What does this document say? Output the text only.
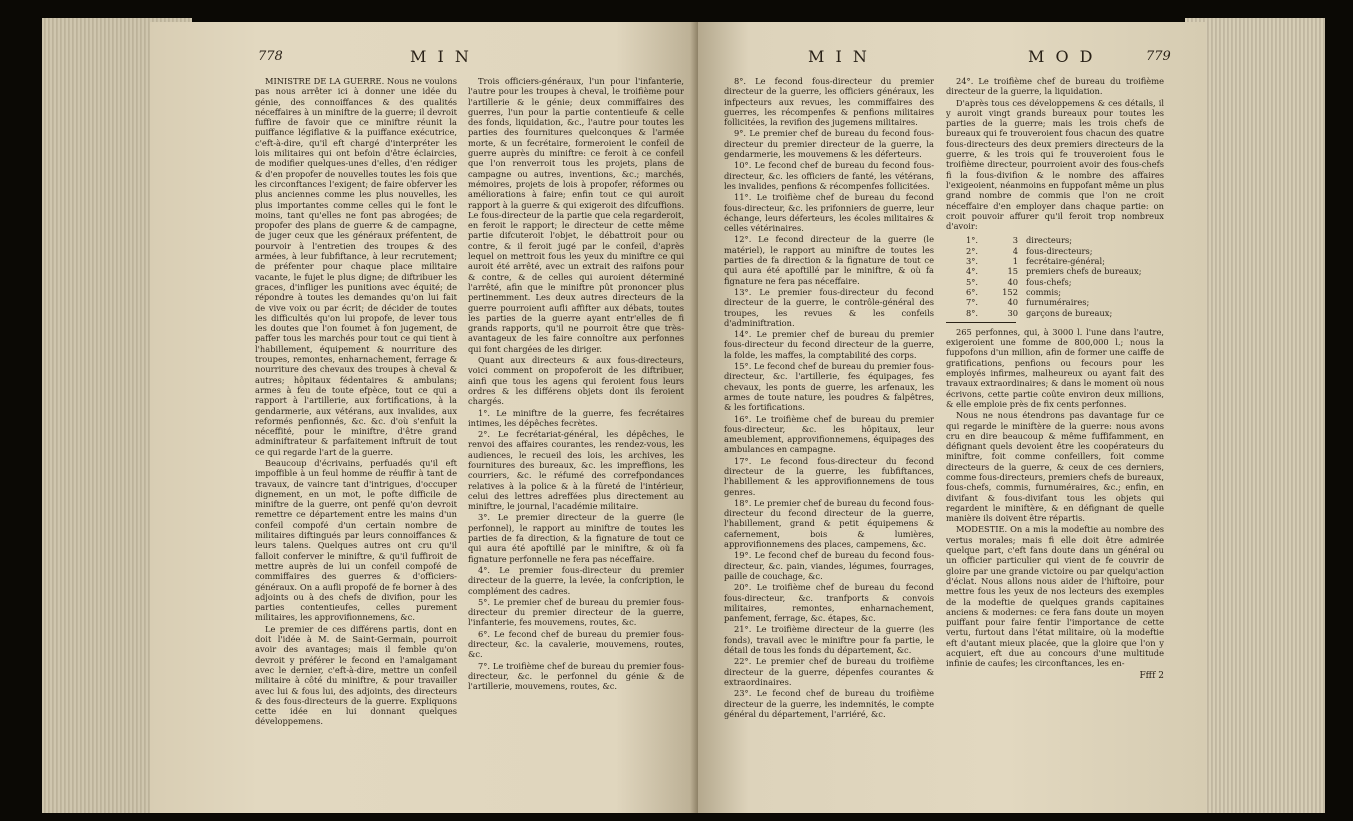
778	M I N

MINISTRE DE LA GUERRE. Nous ne voulons pas nous arrêter ici à donner une idée du génie, des connoiffances & des qualités néceffaires à un miniftre de la guerre; il devroit fuffire de favoir que ce miniftre réunit la puiffance légiflative & la puiffance exécutrice, c'eft-à-dire, qu'il eft chargé d'interpréter les lois militaires qui ont befoin d'être éclaircies, de modifier quelques-unes d'elles, d'en rédiger & d'en propofer de nouvelles toutes les fois que les circonftances l'exigent; de faire obferver les plus anciennes comme les plus nouvelles, les plus importantes comme celles qui le font le moins, tant qu'elles ne font pas abrogées; de propofer des plans de guerre & de campagne, de juger ceux que les généraux préfentent, de pourvoir à l'entretien des troupes & des armées, à leur fubfiftance, à leur recrutement; de préfenter pour chaque place militaire vacante, le fujet le plus digne; de diftribuer les graces, d'infliger les punitions avec équité; de répondre à toutes les demandes qu'on lui fait de vive voix ou par écrit; de décider de toutes les difficultés qu'on lui propofe, de lever tous les doutes que l'on foumet à fon jugement, de paffer tous les marchés pour tout ce qui tient à l'habillement, équipement & nourriture des troupes, remontes, enharnachement, ferrage & nourriture des chevaux des troupes à cheval & autres; hôpitaux fédentaires & ambulans; armes à feu de toute efpèce, tout ce qui a rapport à l'artillerie, aux fortifications, à la gendarmerie, aux vétérans, aux invalides, aux reformés penfionnés, &c. &c. d'où s'enfuit la néceffité, pour le miniftre, d'être grand adminiftrateur & parfaitement inftruit de tout ce qui regarde l'art de la guerre.

Beaucoup d'écrivains, perfuadés qu'il eft impoffible à un feul homme de réuffir à tant de travaux, de vaincre tant d'intrigues, d'occuper dignement, en un mot, le pofte difficile de miniftre de la guerre, ont penfé qu'on devroit remettre ce département entre les mains d'un confeil compofé d'un certain nombre de militaires diftingués par leurs connoiffances & leurs talens. Quelques autres ont cru qu'il falloit conferver le miniftre, & qu'il fuffiroit de mettre auprès de lui un confeil compofé de commiffaires des guerres & d'officiers-généraux. On a aufli propofé de fe borner à des adjoints ou à des chefs de divifion, pour les parties contentieufes, celles purement militaires, les approvifionnemens, &c.

Le premier de ces différens partis, dont en doit l'idée à M. de Saint-Germain, pourroit avoir des avantages; mais il femble qu'on devroit y préférer le fecond en l'amalgamant avec le dernier, c'eft-à-dire, mettre un confeil militaire à côté du miniftre, & pour travailler avec lui & fous lui, des adjoints, des directeurs & des fous-directeurs de la guerre. Expliquons cette idée en lui donnant quelques développemens.

Trois officiers-généraux, l'un pour l'infanterie, l'autre pour les troupes à cheval, le troifième pour l'artillerie & le génie; deux commiffaires des guerres, l'un pour la partie contentieufe & celle des fonds, liquidation, &c., l'autre pour toutes les parties des fournitures quelconques & l'armée morte, & un fecrétaire, formeroient le confeil de guerre auprès du miniftre: ce feroit à ce confeil que l'on renverroit tous les projets, plans de campagne ou autres, inventions, &c.; marchés, mémoires, projets de lois à propofer, réformes ou améliorations à faire; enfin tout ce qui auroit rapport à la guerre & qui exigeroit des difcuffions. Le fous-directeur de la partie que cela regarderoit, en feroit le rapport; le directeur de cette même partie difcuteroit l'objet, le débattroit pour ou contre, & il feroit jugé par le confeil, d'après lequel on mettroit fous les yeux du miniftre ce qui auroit été arrêté, avec un extrait des raifons pour & contre, & de celles qui auroient déterminé l'arrêté, afin que le miniftre pût prononcer plus pertinemment. Les deux autres directeurs de la guerre pourroient aufli affifter aux débats, toutes les parties de la guerre ayant entr'elles de fi grands rapports, qu'il ne pourroit être que très-avantageux de les faire connoître aux perfonnes qui font chargées de les diriger.

Quant aux directeurs & aux fous-directeurs, voici comment on propoferoit de les diftribuer, ainfi que tous les agens qui feroient fous leurs ordres & les différens objets dont ils feroient chargés.

1°. Le miniftre de la guerre, fes fecrétaires intimes, les dépêches fecrètes.

2°. Le fecrétariat-général, les dépêches, le renvoi des affaires courantes, les rendez-vous, les audiences, le recueil des lois, les archives, les fournitures des bureaux, &c. les impreffions, les courriers, &c. le réfumé des correfpondances relatives à la police & à la fûreté de l'intérieur, celui des lettres adreffées plus directement au miniftre, le journal, l'académie militaire.

3°. Le premier directeur de la guerre (le perfonnel), le rapport au miniftre de toutes les parties de fa direction, & la fignature de tout ce qui aura été apoftillé par le miniftre, & où fa fignature perfonnelle ne fera pas néceffaire.

4°. Le premier fous-directeur du premier directeur de la guerre, la levée, la confcription, le complément des cadres.

5°. Le premier chef de bureau du premier fous-directeur du premier directeur de la guerre, l'infanterie, fes mouvemens, routes, &c.

6°. Le fecond chef de bureau du premier fous-directeur, &c. la cavalerie, mouvemens, routes, &c.

7°. Le troifième chef de bureau du premier fous-directeur, &c. le perfonnel du génie & de l'artillerie, mouvemens, routes, &c.

M I N	M O D	779

8°. Le fecond fous-directeur du premier directeur de la guerre, les officiers généraux, les infpecteurs aux revues, les commiffaires des guerres, les récompenfes & penfions militaires follicitées, la revifion des jugemens militaires.

9°. Le premier chef de bureau du fecond fous-directeur du premier directeur de la guerre, la gendarmerie, les mouvemens & les déferteurs.

10°. Le fecond chef de bureau du fecond fous-directeur, &c. les officiers de fanté, les vétérans, les invalides, penfions & récompenfes follicitées.

11°. Le troifième chef de bureau du fecond fous-directeur, &c. les prifonniers de guerre, leur échange, leurs déferteurs, les écoles militaires & celles vétérinaires.

12°. Le fecond directeur de la guerre (le matériel), le rapport au miniftre de toutes les parties de fa direction & la fignature de tout ce qui aura été apoftillé par le miniftre, & où fa fignature ne fera pas néceffaire.

13°. Le premier fous-directeur du fecond directeur de la guerre, le contrôle-général des troupes, les revues & les confeils d'adminiftration.

14°. Le premier chef de bureau du premier fous-directeur du fecond directeur de la guerre, la folde, les maffes, la comptabilité des corps.

15°. Le fecond chef de bureau du premier fous-directeur, &c. l'artillerie, fes équipages, fes chevaux, les ponts de guerre, les arfenaux, les armes de toute nature, les poudres & falpêtres, & les fortifications.

16°. Le troifième chef de bureau du premier fous-directeur, &c. les hôpitaux, leur ameublement, approvifionnemens, équipages des ambulances en campagne.

17°. Le fecond fous-directeur du fecond directeur de la guerre, les fubfiftances, l'habillement & les approvifionnemens de tous genres.

18°. Le premier chef de bureau du fecond fous-directeur du fecond directeur de la guerre, l'habillement, grand & petit équipemens & cafernement, bois & lumières, approvifionnemens des places, campemens, &c.

19°. Le fecond chef de bureau du fecond fous-directeur, &c. pain, viandes, légumes, fourrages, paille de couchage, &c.

20°. Le troifième chef de bureau du fecond fous-directeur, &c. tranfports & convois militaires, remontes, enharnachement, panfement, ferrage, &c. étapes, &c.

21°. Le troifième directeur de la guerre (les fonds), travail avec le miniftre pour fa partie, le détail de tous les fonds du département, &c.

22°. Le premier chef de bureau du troifième directeur de la guerre, dépenfes courantes & extraordinaires.

23°. Le fecond chef de bureau du troifième directeur de la guerre, les indemnités, le compte général du département, l'arriéré, &c.

24°. Le troifième chef de bureau du troifième directeur de la guerre, la liquidation.

D'après tous ces développemens & ces détails, il y auroit vingt grands bureaux pour toutes les parties de la guerre; mais les trois chefs de bureaux qui fe trouveroient fous chacun des quatre fous-directeurs des deux premiers directeurs de la guerre, & les trois qui fe trouveroient fous le troifième directeur, pourroient avoir des fous-chefs fi la fous-divifion & le nombre des affaires l'exigeoient, néanmoins en fuppofant même un plus grand nombre de commis que l'on ne croit néceffaire d'en employer dans chaque partie: on croit pouvoir affurer qu'il feroit trop nombreux d'avoir:

1°.	3 directeurs;
2°.	4 fous-directeurs;
3°.	1 fecrétaire-général;
4°.	15 premiers chefs de bureaux;
5°.	40 fous-chefs;
6°.	152 commis;
7°.	40 furnuméraires;
8°.	30 garçons de bureaux;

265 perfonnes, qui, à 3000 l. l'une dans l'autre, exigeroient une fomme de 800,000 l.; nous la fuppofons d'un million, afin de former une caiffe de gratifications, penfions ou fecours pour les employés infirmes, malheureux ou ayant fait des travaux extraordinaires; & dans le moment où nous écrivons, cette partie coûte environ deux millions, & elle emploie près de fix cents perfonnes.

Nous ne nous étendrons pas davantage fur ce qui regarde le miniftère de la guerre: nous avons cru en dire beaucoup & même fuffifamment, en défignant quels devoient être les coopérateurs du miniftre, foit comme confeillers, foit comme directeurs de la guerre, & ceux de ces derniers, comme fous-directeurs, premiers chefs de bureaux, fous-chefs, commis, furnuméraires, &c.; enfin, en divifant & fous-divifant tous les objets qui regardent le miniftère, & en défignant de quelle manière ils doivent être répartis.

MODESTIE. On a mis la modeftie au nombre des vertus morales; mais fi elle doit être admirée quelque part, c'eft fans doute dans un général ou un officier particulier qui vient de fe couvrir de gloire par une grande victoire ou par quelqu'action d'éclat. Nous allons nous aider de l'hiftoire, pour mettre fous les yeux de nos lecteurs des exemples de la modeftie de quelques grands capitaines anciens & modernes: ce fera fans doute un moyen puiffant pour faire fentir l'importance de cette vertu, furtout dans l'état militaire, où la modeftie eft d'autant mieux placée, que la gloire que l'on y acquiert, eft due au concours d'une multitude infinie de caufes; les circonftances, les en-

Ffff 2
